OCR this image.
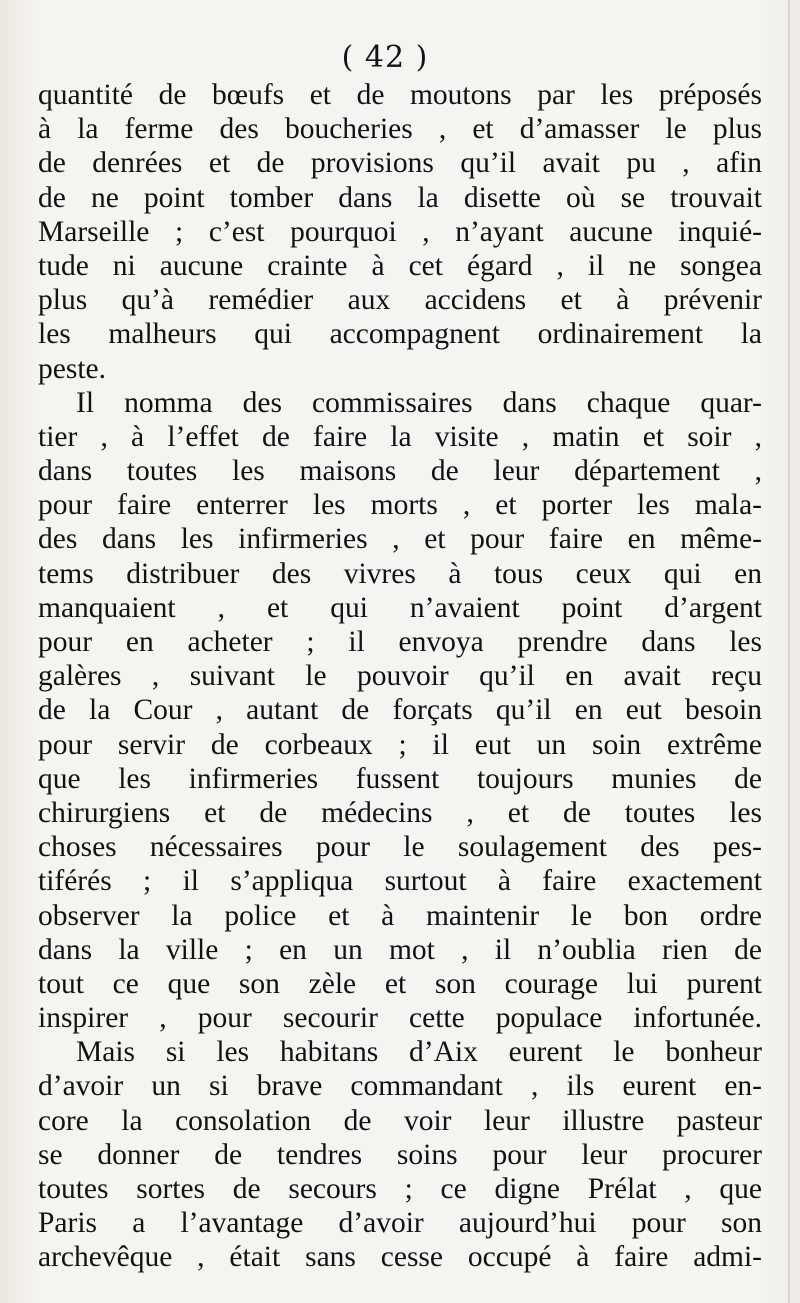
( 42 )
quantité de bœufs et de moutons par les préposés
à la ferme des boucheries , et d’amasser le plus
de denrées et de provisions qu’il avait pu , afin
de ne point tomber dans la disette où se trouvait
Marseille ; c’est pourquoi , n’ayant aucune inquié-
tude ni aucune crainte à cet égard , il ne songea
plus qu’à remédier aux accidens et à prévenir
les malheurs qui accompagnent ordinairement la
peste.
Il nomma des commissaires dans chaque quar-
tier , à l’effet de faire la visite , matin et soir ,
dans toutes les maisons de leur département ,
pour faire enterrer les morts , et porter les mala-
des dans les infirmeries , et pour faire en même-
tems distribuer des vivres à tous ceux qui en
manquaient , et qui n’avaient point d’argent
pour en acheter ; il envoya prendre dans les
galères , suivant le pouvoir qu’il en avait reçu
de la Cour , autant de forçats qu’il en eut besoin
pour servir de corbeaux ; il eut un soin extrême
que les infirmeries fussent toujours munies de
chirurgiens et de médecins , et de toutes les
choses nécessaires pour le soulagement des pes-
tiférés ; il s’appliqua surtout à faire exactement
observer la police et à maintenir le bon ordre
dans la ville ; en un mot , il n’oublia rien de
tout ce que son zèle et son courage lui purent
inspirer , pour secourir cette populace infortunée.
Mais si les habitans d’Aix eurent le bonheur
d’avoir un si brave commandant , ils eurent en-
core la consolation de voir leur illustre pasteur
se donner de tendres soins pour leur procurer
toutes sortes de secours ; ce digne Prélat , que
Paris a l’avantage d’avoir aujourd’hui pour son
archevêque , était sans cesse occupé à faire admi-
